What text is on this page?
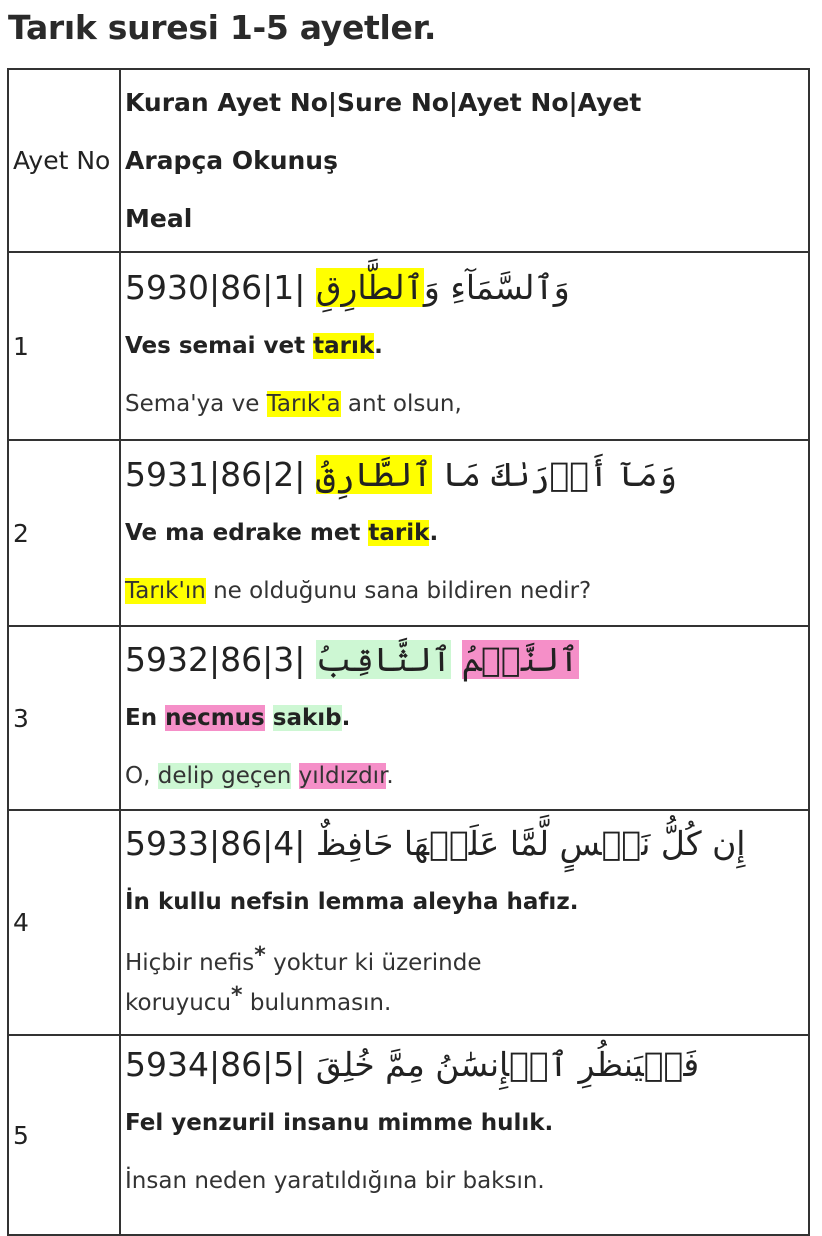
Tarık suresi 1-5 ayetler.
Ayet No	Kuran Ayet No|Sure No|Ayet No|Ayet
Arapça Okunuş
Meal

1	5930|86|1| وَٱلسَّمَآءِ وَٱلطَّارِقِ
Ves semai vet tarık.
Sema'ya ve Tarık'a ant olsun,

2	5931|86|2| وَمَآ أَدۡرَىٰكَ مَا ٱلطَّارِقُ
Ve ma edrake met tarik.
Tarık'ın ne olduğunu sana bildiren nedir?

3	5932|86|3| ٱلنَّجۡمُ ٱلثَّاقِبُ
En necmus sakıb.
O, delip geçen yıldızdır.

4	5933|86|4| إِن كُلُّ نَفۡسٍ لَّمَّا عَلَيۡهَا حَافِظٌ
İn kullu nefsin lemma aleyha hafız.
Hiçbir nefis* yoktur ki üzerinde
koruyucu* bulunmasın.

5	5934|86|5| فَلۡيَنظُرِ ٱلۡإِنسَٰنُ مِمَّ خُلِقَ
Fel yenzuril insanu mimme hulık.
İnsan neden yaratıldığına bir baksın.
